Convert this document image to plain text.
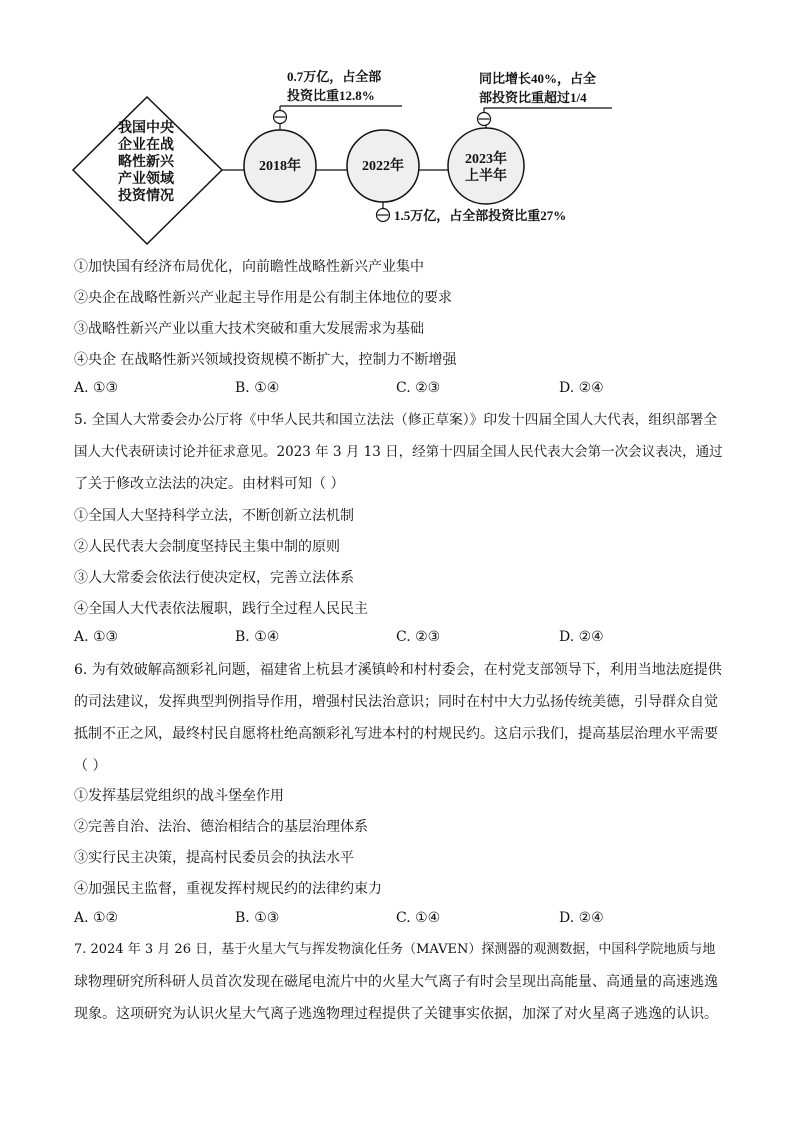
我国中央
企业在战
略性新兴
产业领域
投资情况
2018年	2022年	2023年
上半年
0.7万亿，占全部
投资比重12.8%
同比增长40%，占全
部投资比重超过1/4
1.5万亿，占全部投资比重27%
①加快国有经济布局优化，向前瞻性战略性新兴产业集中
②央企在战略性新兴产业起主导作用是公有制主体地位的要求
③战略性新兴产业以重大技术突破和重大发展需求为基础
④央企 在战略性新兴领域投资规模不断扩大，控制力不断增强
A. ①③	B. ①④	C. ②③	D. ②④
5. 全国人大常委会办公厅将《中华人民共和国立法法（修正草案）》印发十四届全国人大代表，组织部署全
国人大代表研读讨论并征求意见。2023 年 3 月 13 日，经第十四届全国人民代表大会第一次会议表决，通过
了关于修改立法法的决定。由材料可知（ ）
①全国人大坚持科学立法，不断创新立法机制
②人民代表大会制度坚持民主集中制的原则
③人大常委会依法行使决定权，完善立法体系
④全国人大代表依法履职，践行全过程人民民主
A. ①③	B. ①④	C. ②③	D. ②④
6. 为有效破解高额彩礼问题，福建省上杭县才溪镇岭和村村委会，在村党支部领导下，利用当地法庭提供
的司法建议，发挥典型判例指导作用，增强村民法治意识；同时在村中大力弘扬传统美德，引导群众自觉
抵制不正之风，最终村民自愿将杜绝高额彩礼写进本村的村规民约。这启示我们，提高基层治理水平需要
（ ）
①发挥基层党组织的战斗堡垒作用
②完善自治、法治、德治相结合的基层治理体系
③实行民主决策，提高村民委员会的执法水平
④加强民主监督，重视发挥村规民约的法律约束力
A. ①②	B. ①③	C. ①④	D. ②④
7. 2024 年 3 月 26 日，基于火星大气与挥发物演化任务（MAVEN）探测器的观测数据，中国科学院地质与地
球物理研究所科研人员首次发现在磁尾电流片中的火星大气离子有时会呈现出高能量、高通量的高速逃逸
现象。这项研究为认识火星大气离子逃逸物理过程提供了关键事实依据，加深了对火星离子逃逸的认识。
